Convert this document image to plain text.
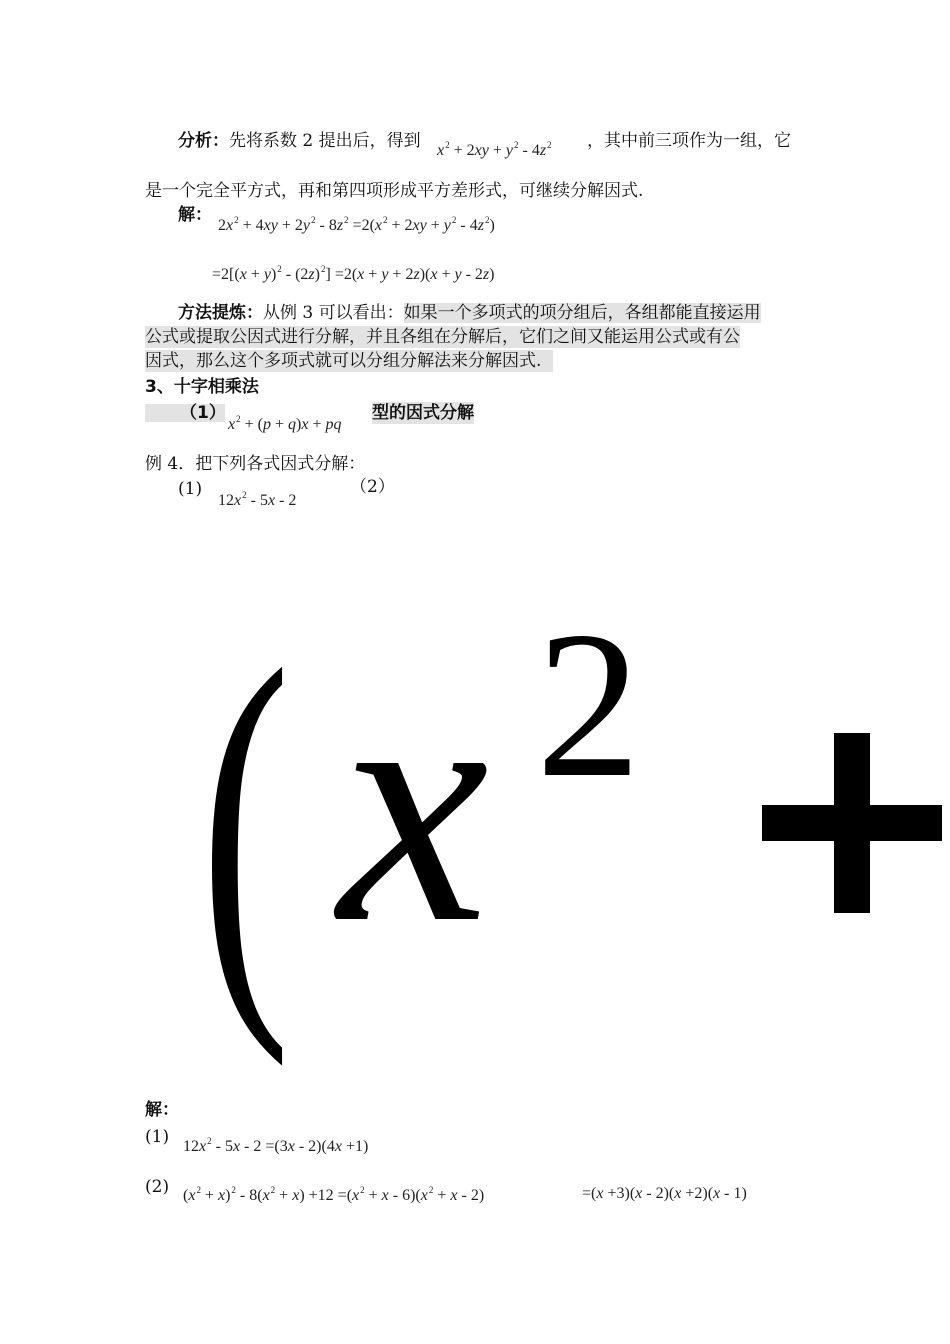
分析：先将系数 2 提出后，得到 $x^2 + 2xy + y^2 - 4z^2$ ，其中前三项作为一组，它
是一个完全平方式，再和第四项形成平方差形式，可继续分解因式.
解：
$2x^2 + 4xy + 2y^2 - 8z^2 =2(x^2 + 2xy + y^2 - 4z^2)$
$=2[(x + y)^2 - (2z)^2] =2(x + y + 2z)(x + y - 2z)$
方法提炼：从例 3 可以看出：如果一个多项式的项分组后，各组都能直接运用
公式或提取公因式进行分解，并且各组在分解后，它们之间又能运用公式或有公
因式，那么这个多项式就可以分组分解法来分解因式.
3、十字相乘法
（1）
$x^2 + (p + q)x$ + pq
型的因式分解
例 4．把下列各式因式分解：
(1)
$12x^2 - 5x - 2$
（2）
( x 2
解：
(1) $12x^2 - 5x - 2 =(3x - 2)(4x +1)$
(2) $(x^2 + x)^2 - 8(x^2 + x) +12 =(x^2 + x - 6)(x^2 + x - 2)$	=(x +3)(x - 2)(x +2)(x - 1)
